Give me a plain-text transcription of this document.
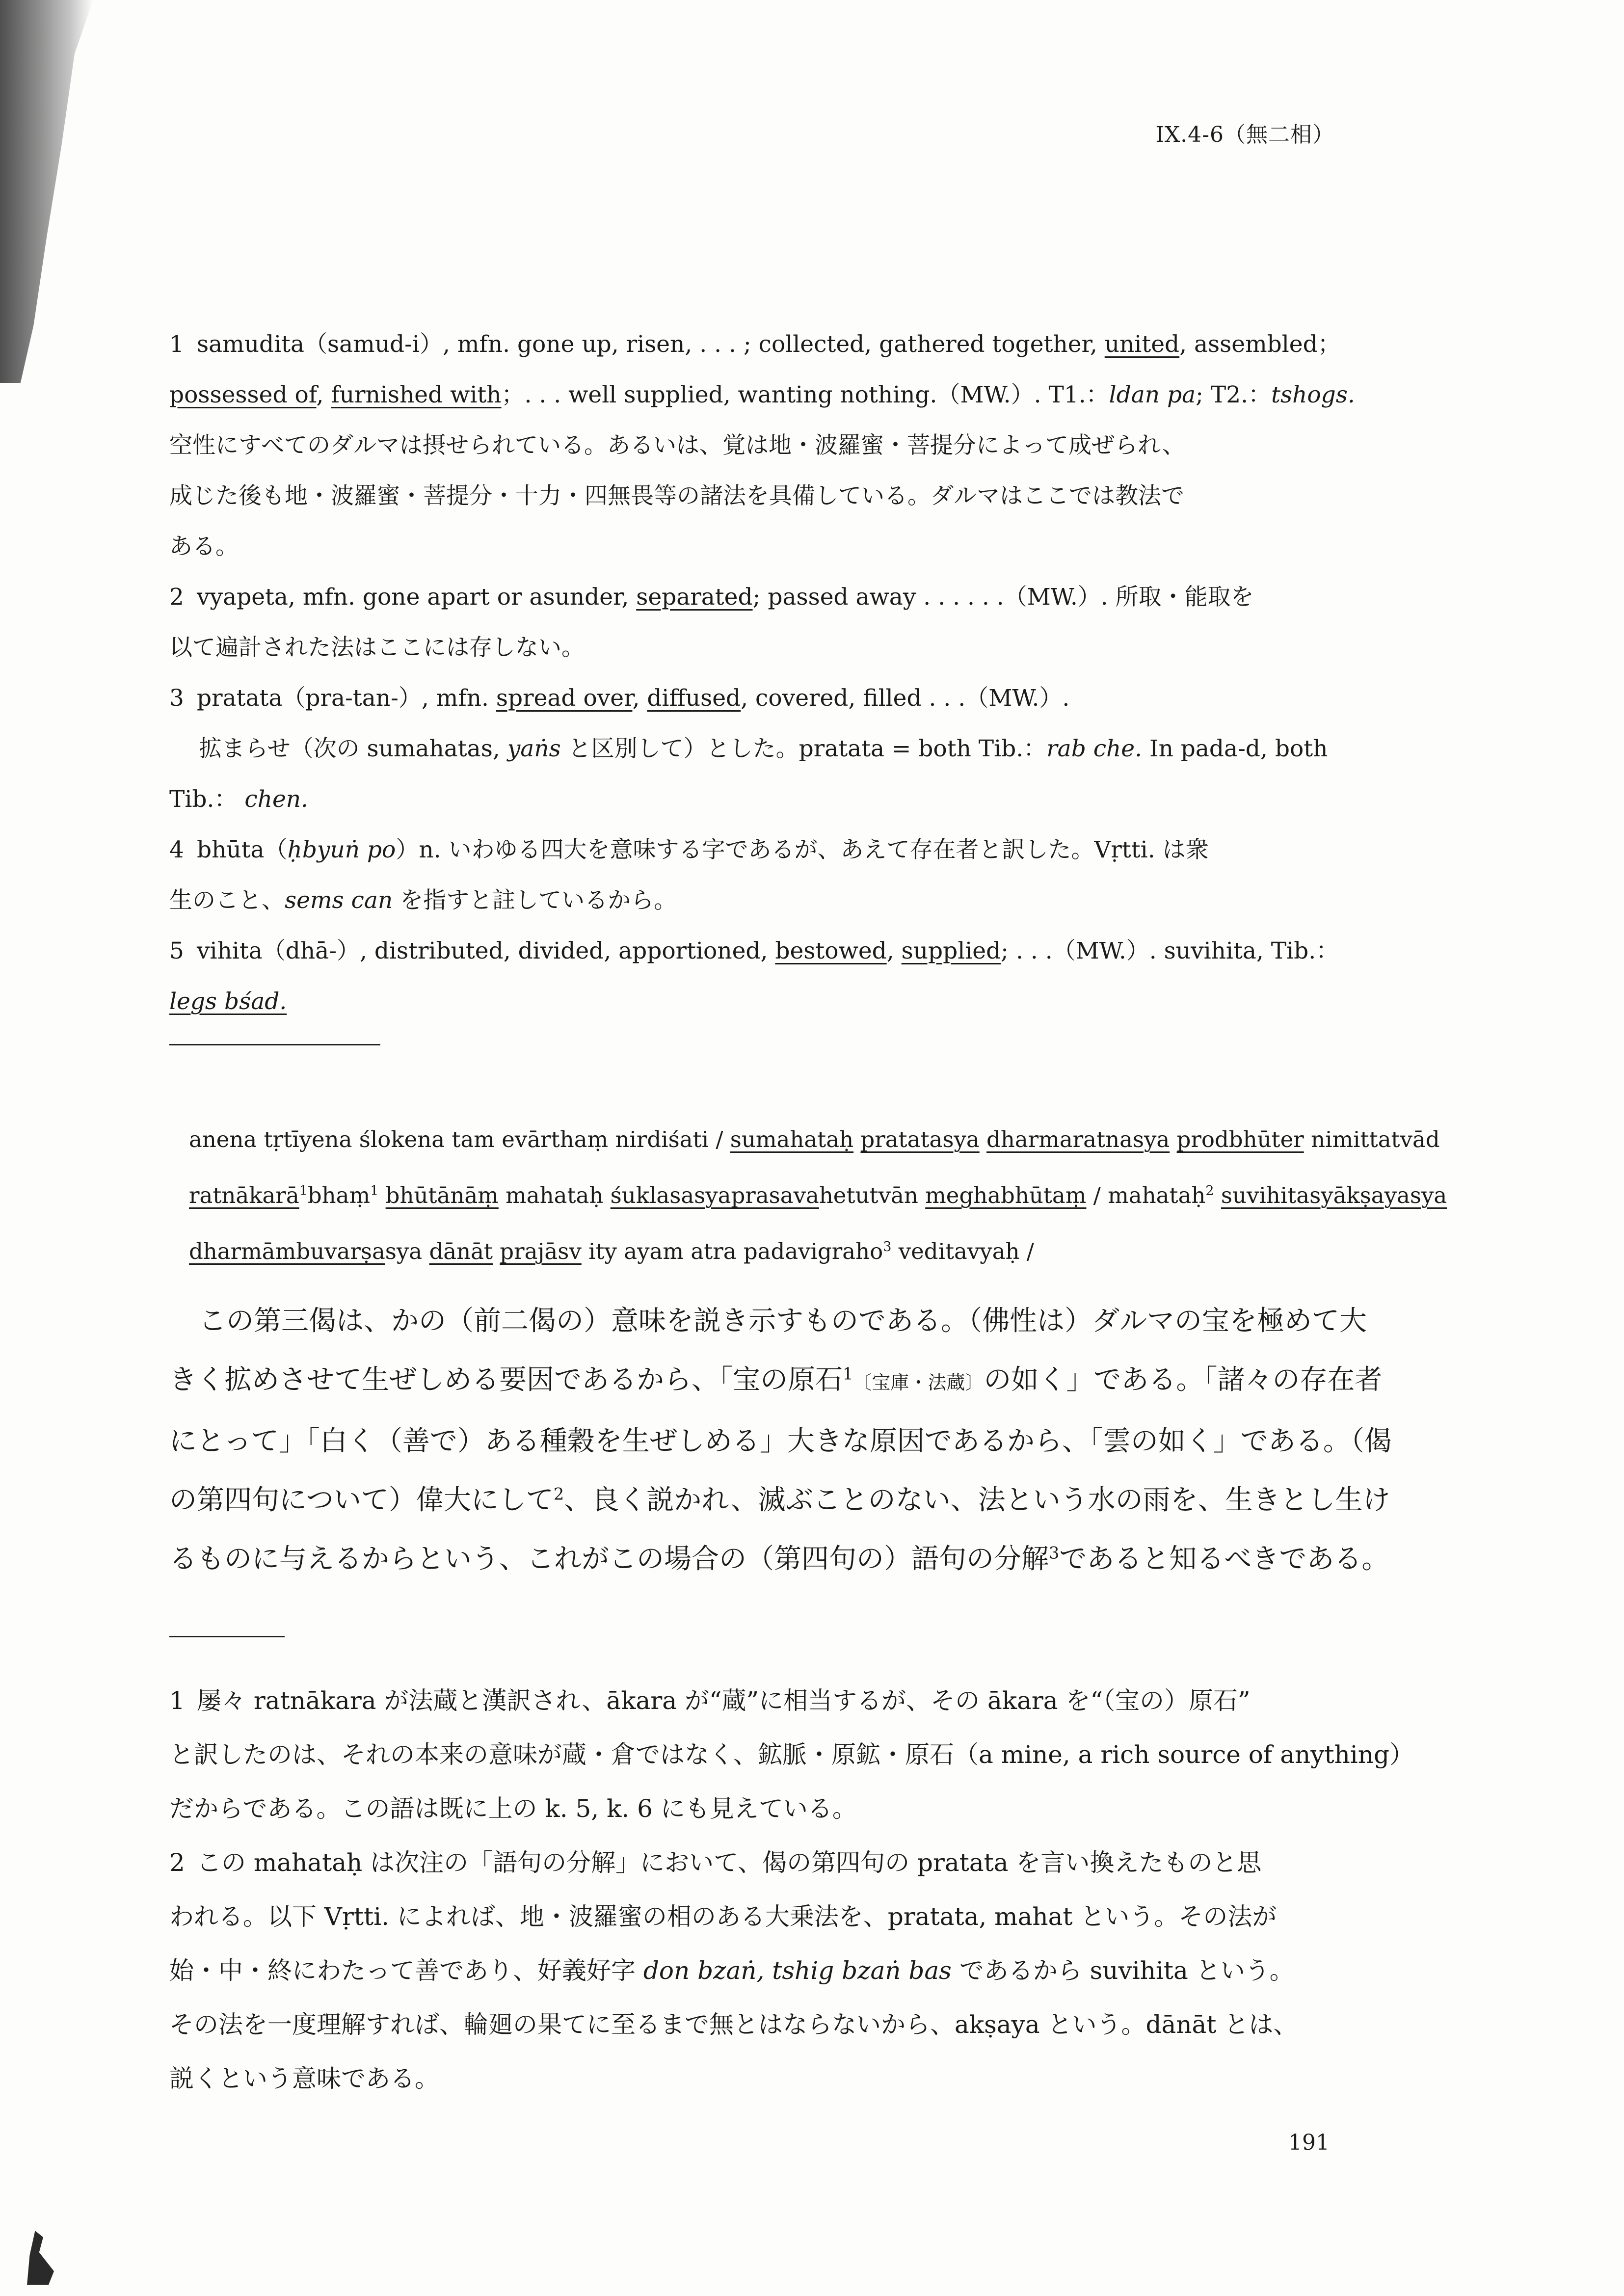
IX.4-6（無二相）

1 samudita（samud-i）, mfn. gone up, risen, . . . ; collected, gathered together, united, assembled；

possessed of, furnished with；. . . well supplied, wanting nothing.（MW.）. T1.：ldan pa; T2.：tshogs.

空性にすべてのダルマは摂せられている。あるいは、覚は地・波羅蜜・菩提分によって成ぜられ、

成じた後も地・波羅蜜・菩提分・十力・四無畏等の諸法を具備している。ダルマはここでは教法で

ある。

2 vyapeta, mfn. gone apart or asunder, separated; passed away . . . . . .（MW.）. 所取・能取を

以て遍計された法はここには存しない。

3 pratata（pra-tan-）, mfn. spread over, diffused, covered, filled . . .（MW.）.

拡まらせ（次の sumahatas, yaṅs と区別して）とした。pratata = both Tib.：rab che. In pada-d, both

Tib.： chen.

4 bhūta（ḥbyuṅ po）n. いわゆる四大を意味する字であるが、あえて存在者と訳した。Vṛtti. は衆

生のこと、sems can を指すと註しているから。

5 vihita（dhā-）, distributed, divided, apportioned, bestowed, supplied; . . .（MW.）. suvihita, Tib.：

legs bśad.

anena tṛtīyena ślokena tam evārthaṃ nirdiśati / sumahataḥ pratatasya dharmaratnasya prodbhūter nimittatvād
ratnākarā$^1$bhaṃ$^1$ bhūtānāṃ mahataḥ śuklasasyaprasavahetutvān meghabhūtaṃ / mahataḥ$^2$ suvihitasyākṣayasya
dharmāmbuvarṣasya dānāt prajāsv ity ayam atra padavigraho$^3$ veditavyaḥ /
この第三偈は、かの（前二偈の）意味を説き示すものである。（佛性は）ダルマの宝を極めて大
きく拡めさせて生ぜしめる要因であるから、「宝の原石$^1$〔宝庫・法蔵〕の如く」である。「諸々の存在者
にとって」「白く（善で）ある種穀を生ぜしめる」大きな原因であるから、「雲の如く」である。（偈
の第四句について）偉大にして$^2$、良く説かれ、滅ぶことのない、法という水の雨を、生きとし生け
るものに与えるからという、これがこの場合の（第四句の）語句の分解$^3$であると知るべきである。
1 屡々 ratnākara が法蔵と漢訳され、ākara が“蔵”に相当するが、その ākara を“（宝の）原石”
と訳したのは、それの本来の意味が蔵・倉ではなく、鉱脈・原鉱・原石（a mine, a rich source of anything）
だからである。この語は既に上の k. 5, k. 6 にも見えている。
2 この mahataḥ は次注の「語句の分解」において、偈の第四句の pratata を言い換えたものと思
われる。以下 Vṛtti. によれば、地・波羅蜜の相のある大乗法を、pratata, mahat という。その法が
始・中・終にわたって善であり、好義好字 don bzaṅ, tshig bzaṅ bas であるから suvihita という。
その法を一度理解すれば、輪廻の果てに至るまで無とはならないから、akṣaya という。dānāt とは、
説くという意味である。
191
